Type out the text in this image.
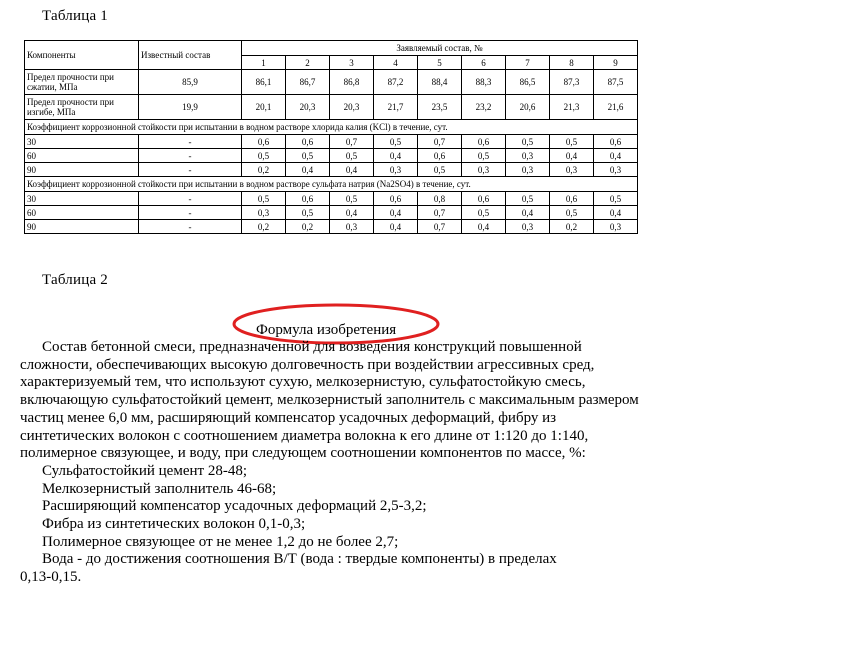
Таблица 1
Компоненты	Известный состав	Заявляемый состав, №								
		1	2	3	4	5	6	7	8	9
Предел прочности при сжатии, МПа	85,9	86,1	86,7	86,8	87,2	88,4	88,3	86,5	87,3	87,5
Предел прочности при изгибе, МПа	19,9	20,1	20,3	20,3	21,7	23,5	23,2	20,6	21,3	21,6
Коэффициент коррозионной стойкости при испытании в водном растворе хлорида калия (KCl) в течение, сут.										
30	-	0,6	0,6	0,7	0,5	0,7	0,6	0,5	0,5	0,6
60	-	0,5	0,5	0,5	0,4	0,6	0,5	0,3	0,4	0,4
90	-	0,2	0,4	0,4	0,3	0,5	0,3	0,3	0,3	0,3
Коэффициент коррозионной стойкости при испытании в водном растворе сульфата натрия (Na2SO4) в течение, сут.										
30	-	0,5	0,6	0,5	0,6	0,8	0,6	0,5	0,6	0,5
60	-	0,3	0,5	0,4	0,4	0,7	0,5	0,4	0,5	0,4
90	-	0,2	0,2	0,3	0,4	0,7	0,4	0,3	0,2	0,3
Таблица 2
Формула изобретения

Состав бетонной смеси, предназначенной для возведения конструкций повышенной сложности, обеспечивающих высокую долговечность при воздействии агрессивных сред, характеризуемый тем, что используют сухую, мелкозернистую, сульфатостойкую смесь, включающую сульфатостойкий цемент, мелкозернистый заполнитель с максимальным размером частиц менее 6,0 мм, расширяющий компенсатор усадочных деформаций, фибру из синтетических волокон с соотношением диаметра волокна к его длине от 1:120 до 1:140, полимерное связующее, и воду, при следующем соотношении компонентов по массе, %:

Сульфатостойкий цемент 28-48;

Мелкозернистый заполнитель 46-68;

Расширяющий компенсатор усадочных деформаций 2,5-3,2;

Фибра из синтетических волокон 0,1-0,3;

Полимерное связующее от не менее 1,2 до не более 2,7;

Вода - до достижения соотношения В/Т (вода : твердые компоненты) в пределах

0,13-0,15.
